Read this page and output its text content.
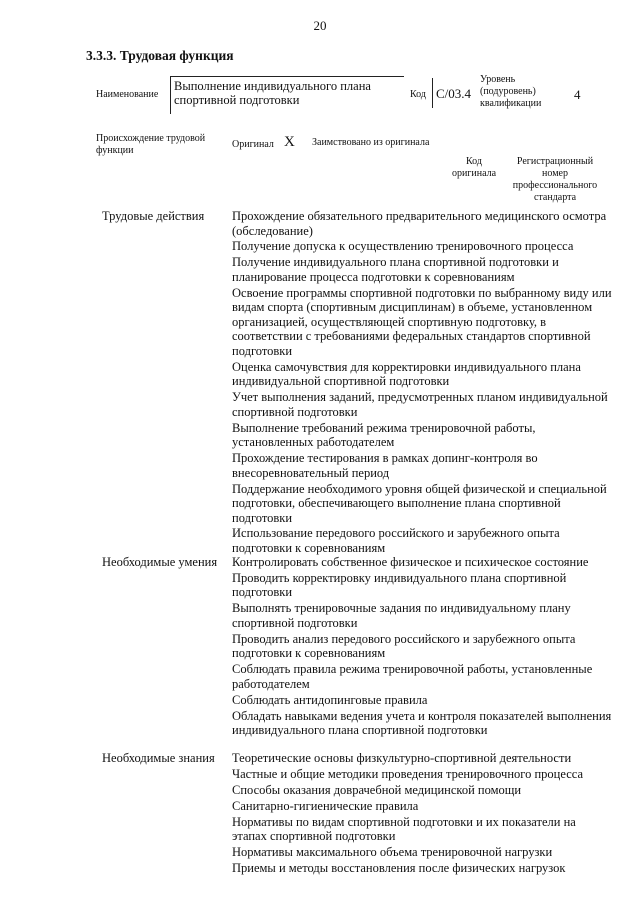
20
3.3.3. Трудовая функция
Наименование
Выполнение индивидуального плана спортивной подготовки	Код C/03.4
Уровень (подуровень) квалификации
4
Происхождение трудовой функции
Оригинал X Заимствовано из оригинала
Код оригинала
Регистрационный номер профессионального стандарта
Трудовые действия Прохождение обязательного предварительного медицинского осмотра (обследование)
Получение допуска к осуществлению тренировочного процесса
Получение индивидуального плана спортивной подготовки и планирование процесса подготовки к соревнованиям
Освоение программы спортивной подготовки по выбранному виду или видам спорта (спортивным дисциплинам) в объеме, установленном организацией, осуществляющей спортивную подготовку, в соответствии с требованиями федеральных стандартов спортивной подготовки
Оценка самочувствия для корректировки индивидуального плана индивидуальной спортивной подготовки
Учет выполнения заданий, предусмотренных планом индивидуальной спортивной подготовки
Выполнение требований режима тренировочной работы, установленных работодателем
Прохождение тестирования в рамках допинг-контроля во внесоревновательный период
Поддержание необходимого уровня общей физической и специальной подготовки, обеспечивающего выполнение плана спортивной подготовки
Использование передового российского и зарубежного опыта подготовки к соревнованиям
Необходимые умения Контролировать собственное физическое и психическое состояние
Проводить корректировку индивидуального плана спортивной подготовки
Выполнять тренировочные задания по индивидуальному плану спортивной подготовки
Проводить анализ передового российского и зарубежного опыта подготовки к соревнованиям
Соблюдать правила режима тренировочной работы, установленные работодателем
Соблюдать антидопинговые правила
Обладать навыками ведения учета и контроля показателей выполнения индивидуального плана спортивной подготовки
Необходимые знания Теоретические основы физкультурно-спортивной деятельности
Частные и общие методики проведения тренировочного процесса
Способы оказания доврачебной медицинской помощи
Санитарно-гигиенические правила
Нормативы по видам спортивной подготовки и их показатели на этапах спортивной подготовки
Нормативы максимального объема тренировочной нагрузки
Приемы и методы восстановления после физических нагрузок
